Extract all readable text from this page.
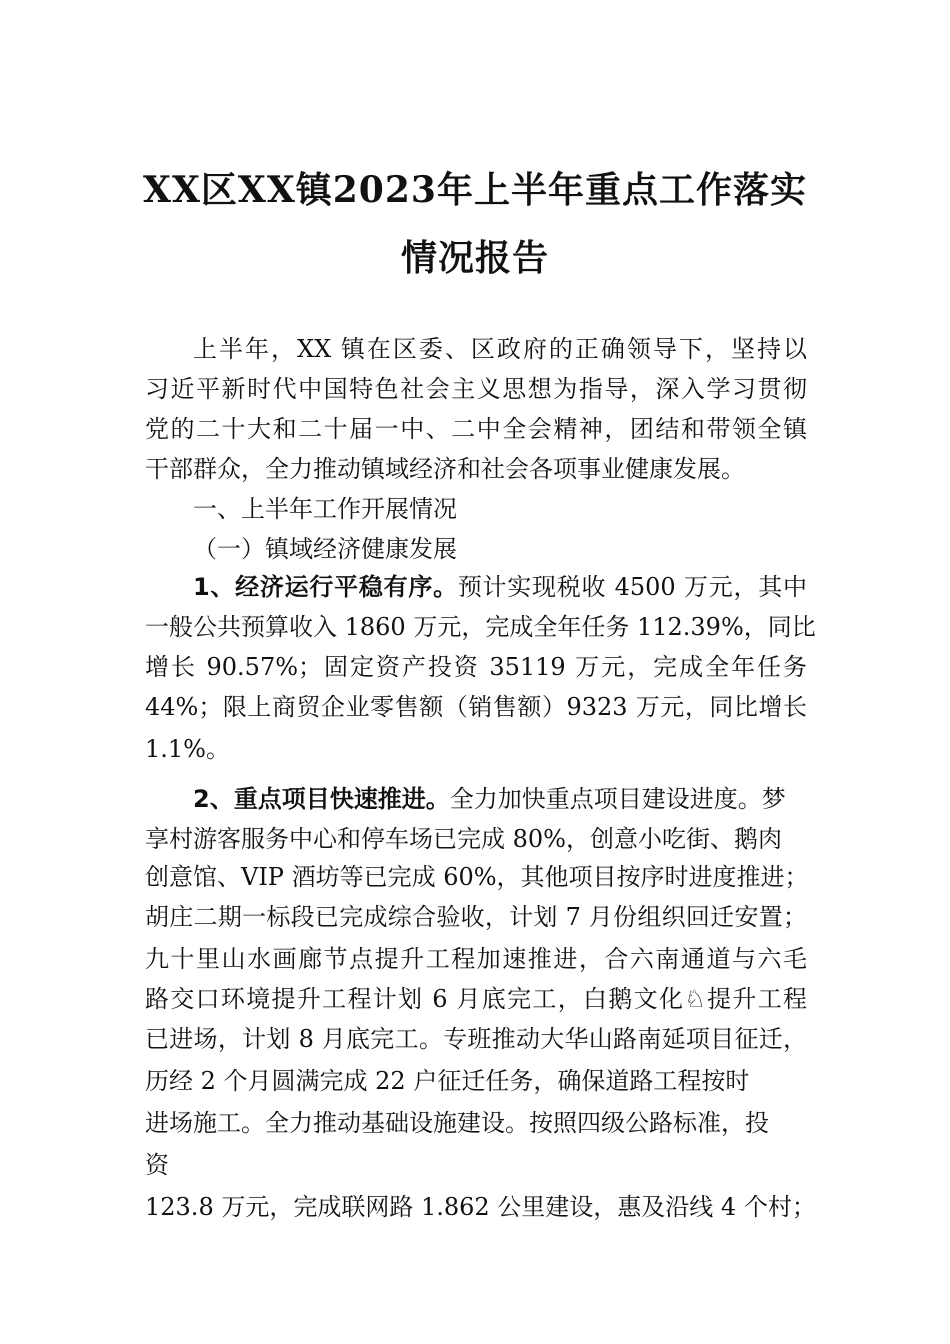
XX区XX镇2023年上半年重点工作落实
情况报告
上半年，XX 镇在区委、区政府的正确领导下，坚持以
习近平新时代中国特色社会主义思想为指导，深入学习贯彻
党的二十大和二十届一中、二中全会精神，团结和带领全镇
干部群众，全力推动镇域经济和社会各项事业健康发展。
一、上半年工作开展情况
（一）镇域经济健康发展
1、经济运行平稳有序。预计实现税收 4500 万元，其中
一般公共预算收入 1860 万元，完成全年任务 112.39%，同比
增长 90.57%；固定资产投资 35119 万元，完成全年任务
44%；限上商贸企业零售额（销售额）9323 万元，同比增长
1.1%。
2、重点项目快速推进。全力加快重点项目建设进度。梦
享村游客服务中心和停车场已完成 80%，创意小吃街、鹅肉
创意馆、VIP 酒坊等已完成 60%，其他项目按序时进度推进；
胡庄二期一标段已完成综合验收，计划 7 月份组织回迁安置；
九十里山水画廊节点提升工程加速推进，合六南通道与六毛
路交口环境提升工程计划 6 月底完工，白鹅文化♘提升工程
已进场，计划 8 月底完工。专班推动大华山路南延项目征迁，
历经 2 个月圆满完成 22 户征迁任务，确保道路工程按时
进场施工。全力推动基础设施建设。按照四级公路标准，投
资
123.8 万元，完成联网路 1.862 公里建设，惠及沿线 4 个村；
